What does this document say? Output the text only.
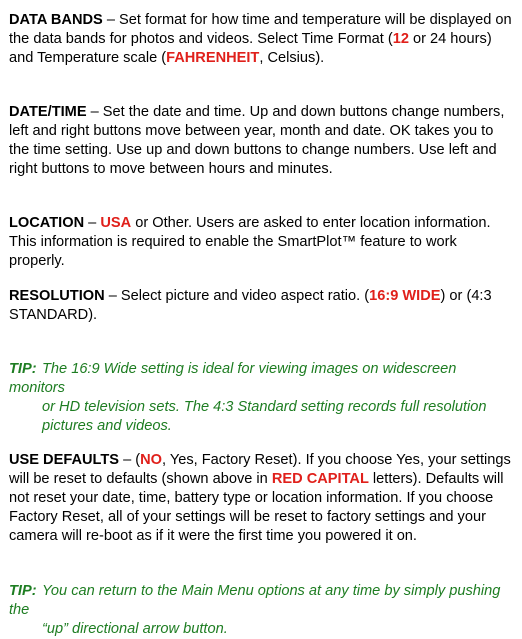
DATA BANDS – Set format for how time and temperature will be displayed on the data bands for photos and videos. Select Time Format (12 or 24 hours) and Temperature scale (FAHRENHEIT, Celsius).

DATE/TIME – Set the date and time. Up and down buttons change numbers, left and right buttons move between year, month and date. OK takes you to the time setting. Use up and down buttons to change numbers. Use left and right buttons to move between hours and minutes.

LOCATION – USA or Other. Users are asked to enter location information. This information is required to enable the SmartPlot™ feature to work properly.

RESOLUTION – Select picture and video aspect ratio. (16:9 WIDE) or (4:3 STANDARD).

TIP: The 16:9 Wide setting is ideal for viewing images on widescreen monitors
or HD television sets. The 4:3 Standard setting records full resolution
pictures and videos.

USE DEFAULTS – (NO, Yes, Factory Reset). If you choose Yes, your settings will be reset to defaults (shown above in RED CAPITAL letters). Defaults will not reset your date, time, battery type or location information. If you choose Factory Reset, all of your settings will be reset to factory settings and your camera will re-boot as if it were the first time you powered it on.

TIP: You can return to the Main Menu options at any time by simply pushing the
“up” directional arrow button.
